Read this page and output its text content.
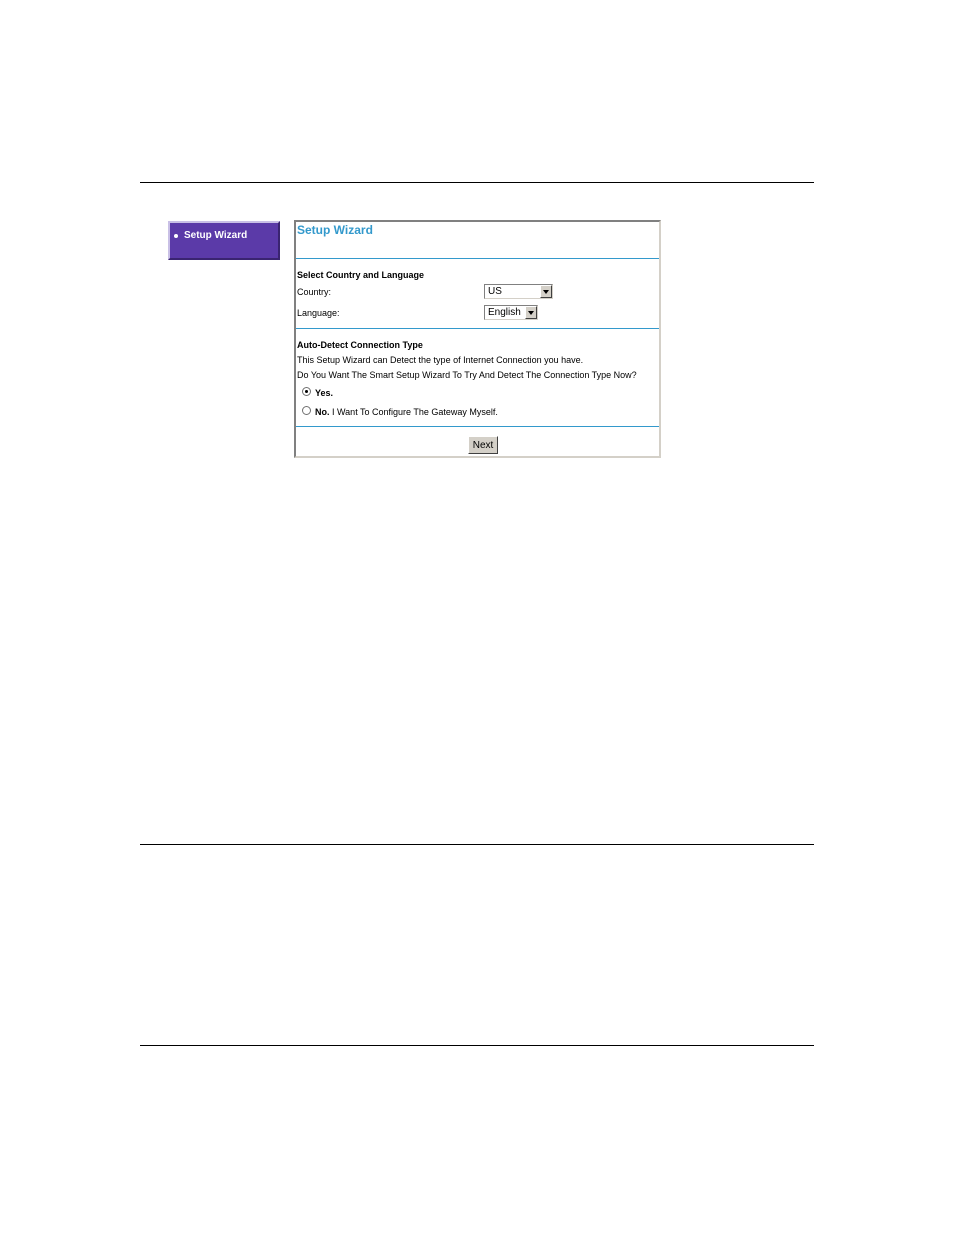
Setup Wizard	Setup Wizard
Select Country and Language
Country:	US
Language:	English
Auto-Detect Connection Type
This Setup Wizard can Detect the type of Internet Connection you have.
Do You Want The Smart Setup Wizard To Try And Detect The Connection Type Now?
Yes.
No. I Want To Configure The Gateway Myself.
Next
